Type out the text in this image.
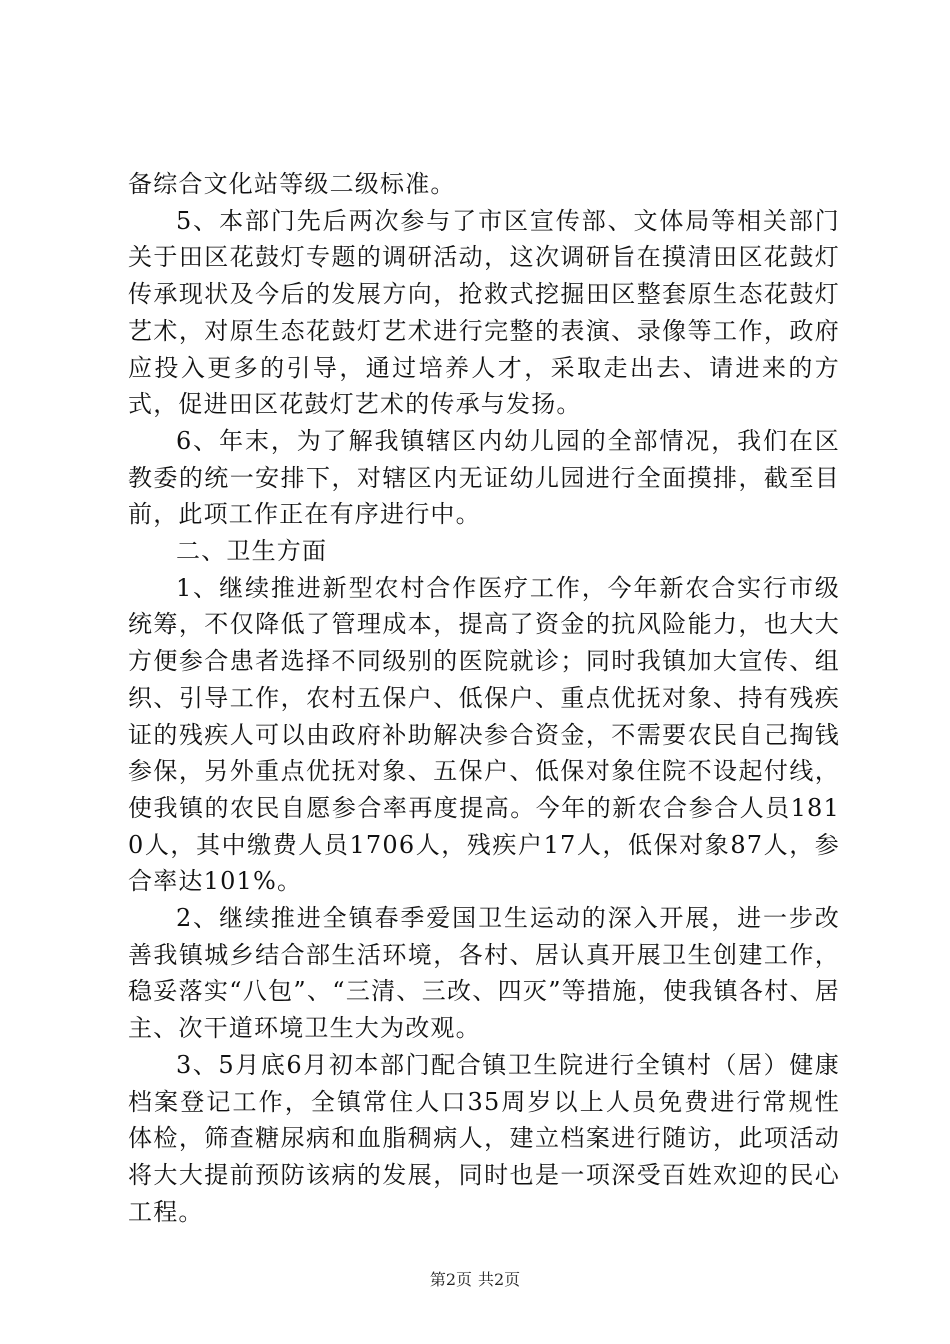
备综合文化站等级二级标准。

5、本部门先后两次参与了市区宣传部、文体局等相关部门关于田区花鼓灯专题的调研活动，这次调研旨在摸清田区花鼓灯传承现状及今后的发展方向，抢救式挖掘田区整套原生态花鼓灯艺术，对原生态花鼓灯艺术进行完整的表演、录像等工作，政府应投入更多的引导，通过培养人才，采取走出去、请进来的方式，促进田区花鼓灯艺术的传承与发扬。

6、年末，为了解我镇辖区内幼儿园的全部情况，我们在区教委的统一安排下，对辖区内无证幼儿园进行全面摸排，截至目前，此项工作正在有序进行中。

二、卫生方面

1、继续推进新型农村合作医疗工作，今年新农合实行市级统筹，不仅降低了管理成本，提高了资金的抗风险能力，也大大方便参合患者选择不同级别的医院就诊；同时我镇加大宣传、组织、引导工作，农村五保户、低保户、重点优抚对象、持有残疾证的残疾人可以由政府补助解决参合资金，不需要农民自己掏钱参保，另外重点优抚对象、五保户、低保对象住院不设起付线，使我镇的农民自愿参合率再度提高。今年的新农合参合人员1810人，其中缴费人员1706人，残疾户17人，低保对象87人，参合率达101%。

2、继续推进全镇春季爱国卫生运动的深入开展，进一步改善我镇城乡结合部生活环境，各村、居认真开展卫生创建工作，稳妥落实“八包”、“三清、三改、四灭”等措施，使我镇各村、居主、次干道环境卫生大为改观。

3、5月底6月初本部门配合镇卫生院进行全镇村（居）健康档案登记工作，全镇常住人口35周岁以上人员免费进行常规性体检，筛查糖尿病和血脂稠病人，建立档案进行随访，此项活动将大大提前预防该病的发展，同时也是一项深受百姓欢迎的民心工程。

第2页 共2页
